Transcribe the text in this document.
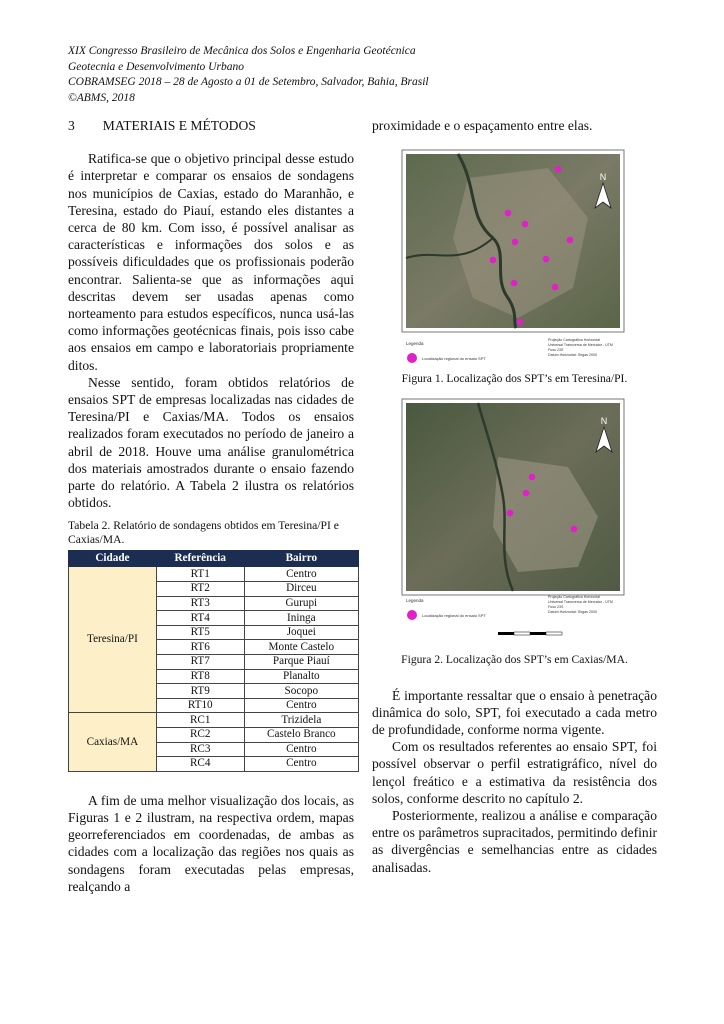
XIX Congresso Brasileiro de Mecânica dos Solos e Engenharia Geotécnica
Geotecnia e Desenvolvimento Urbano
COBRAMSEG 2018 – 28 de Agosto a 01 de Setembro, Salvador, Bahia, Brasil
©ABMS, 2018
3 MATERIAIS E MÉTODOS

Ratifica-se que o objetivo principal desse estudo é interpretar e comparar os ensaios de sondagens nos municípios de Caxias, estado do Maranhão, e Teresina, estado do Piauí, estando eles distantes a cerca de 80 km. Com isso, é possível analisar as características e informações dos solos e as possíveis dificuldades que os profissionais poderão encontrar. Salienta-se que as informações aqui descritas devem ser usadas apenas como norteamento para estudos específicos, nunca usá-las como informações geotécnicas finais, pois isso cabe aos ensaios em campo e laboratoriais propriamente ditos.

Nesse sentido, foram obtidos relatórios de ensaios SPT de empresas localizadas nas cidades de Teresina/PI e Caxias/MA. Todos os ensaios realizados foram executados no período de janeiro a abril de 2018. Houve uma análise granulométrica dos materiais amostrados durante o ensaio fazendo parte do relatório. A Tabela 2 ilustra os relatórios obtidos.

Tabela 2. Relatório de sondagens obtidos em Teresina/PI e Caxias/MA.
Cidade	Referência	Bairro
Teresina/PI	RT1	Centro
	RT2	Dirceu
	RT3	Gurupi
	RT4	Ininga
	RT5	Joquei
	RT6	Monte Castelo
	RT7	Parque Piauí
	RT8	Planalto
	RT9	Socopo
	RT10	Centro
Caxias/MA	RC1	Trizidela
	RC2	Castelo Branco
	RC3	Centro
	RC4	Centro

A fim de uma melhor visualização dos locais, as Figuras 1 e 2 ilustram, na respectiva ordem, mapas georreferenciados em coordenadas, de ambas as cidades com a localização das regiões nos quais as sondagens foram executadas pelas empresas, realçando a

proximidade e o espaçamento entre elas.

N
Legenda
Localização regional do ensaio SPT
Projeção Cartográfica Horizontal
Universal Transversa de Mercator - UTM
Fuso 23S
Datum Horizontal: Sirgas 2000
Figura 1. Localização dos SPT’s em Teresina/PI.
N
Legenda
Localização regional do ensaio SPT
Projeção Cartográfica Horizontal
Universal Transversa de Mercator - UTM
Fuso 23S
Datum Horizontal: Sirgas 2000
Figura 2. Localização dos SPT’s em Caxias/MA.

É importante ressaltar que o ensaio à penetração dinâmica do solo, SPT, foi executado a cada metro de profundidade, conforme norma vigente.

Com os resultados referentes ao ensaio SPT, foi possível observar o perfil estratigráfico, nível do lençol freático e a estimativa da resistência dos solos, conforme descrito no capítulo 2.

Posteriormente, realizou a análise e comparação entre os parâmetros supracitados, permitindo definir as divergências e semelhancias entre as cidades analisadas.
